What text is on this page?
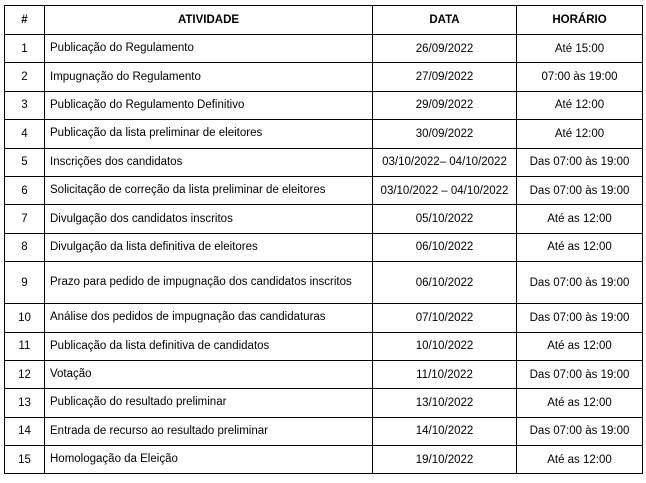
#	ATIVIDADE	DATA	HORÁRIO
1	Publicação do Regulamento	26/09/2022	Até 15:00
2	Impugnação do Regulamento	27/09/2022	07:00 às 19:00
3	Publicação do Regulamento Definitivo	29/09/2022	Até 12:00
4	Publicação da lista preliminar de eleitores	30/09/2022	Até 12:00
5	Inscrições dos candidatos	03/10/2022– 04/10/2022	Das 07:00 às 19:00
6	Solicitação de correção da lista preliminar de eleitores	03/10/2022 – 04/10/2022	Das 07:00 às 19:00
7	Divulgação dos candidatos inscritos	05/10/2022	Até as 12:00
8	Divulgação da lista definitiva de eleitores	06/10/2022	Até as 12:00
9	Prazo para pedido de impugnação dos candidatos inscritos	06/10/2022	Das 07:00 às 19:00
10	Análise dos pedidos de impugnação das candidaturas	07/10/2022	Das 07:00 às 19:00
11	Publicação da lista definitiva de candidatos	10/10/2022	Até as 12:00
12	Votação	11/10/2022	Das 07:00 às 19:00
13	Publicação do resultado preliminar	13/10/2022	Até as 12:00
14	Entrada de recurso ao resultado preliminar	14/10/2022	Das 07:00 às 19:00
15	Homologação da Eleição	19/10/2022	Até as 12:00
